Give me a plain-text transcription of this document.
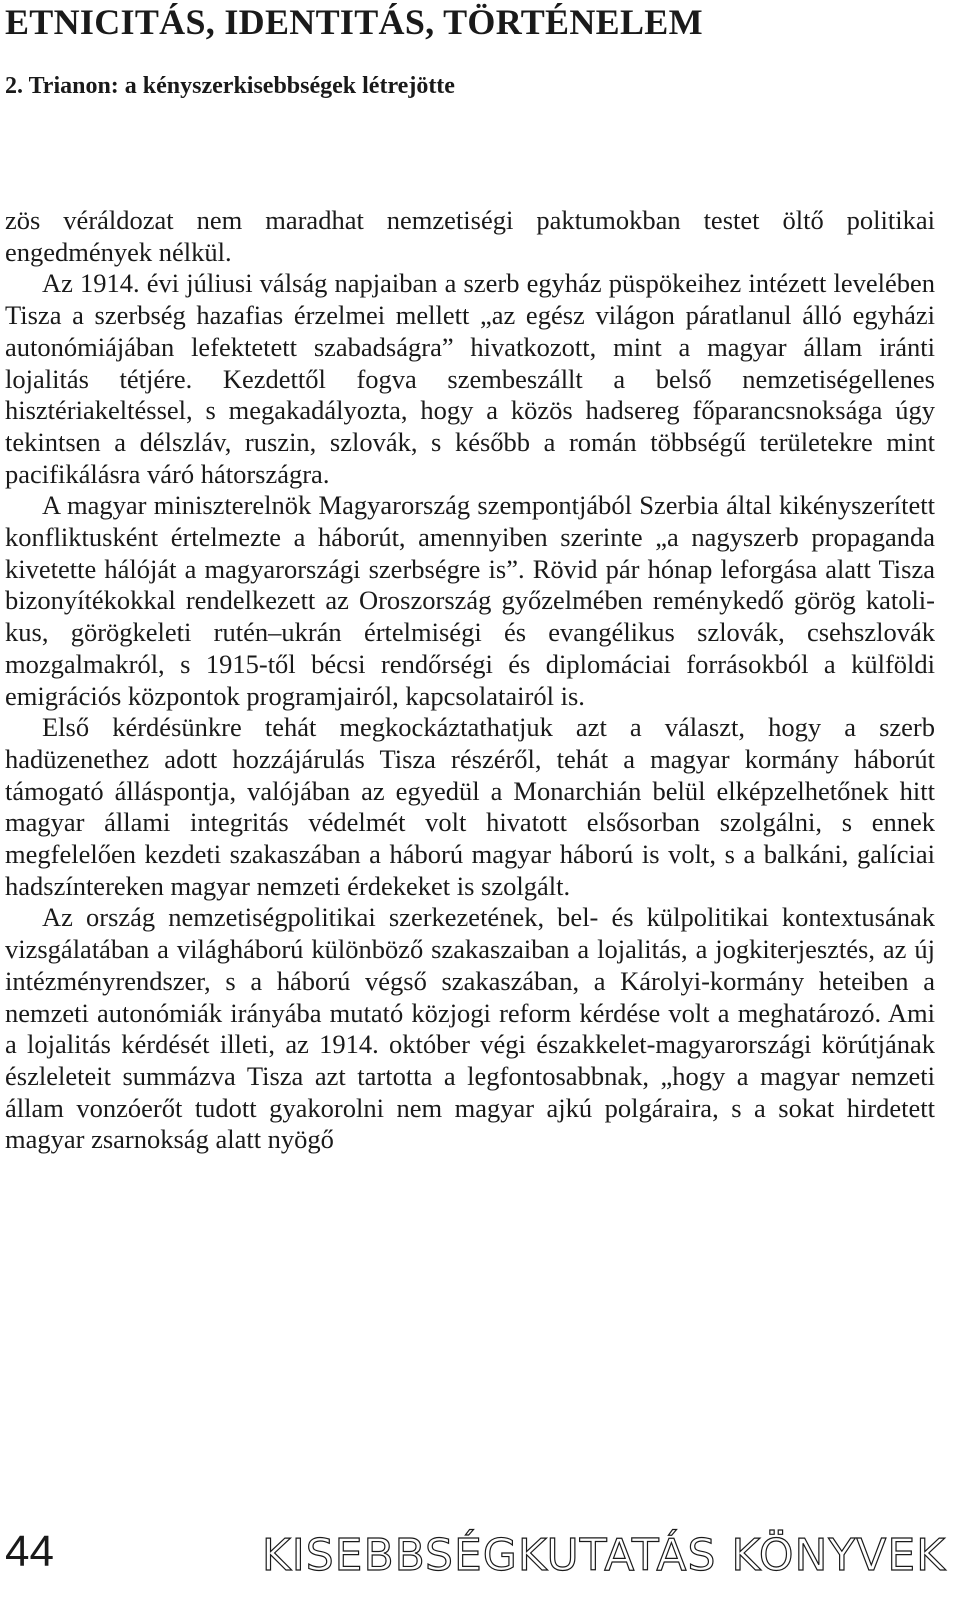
ETNICITÁS, IDENTITÁS, TÖRTÉNELEM
2. Trianon: a kényszerkisebbségek létrejötte

zös véráldozat nem maradhat nemzetiségi paktumokban testet öltő politikai engedmények nélkül.

Az 1914. évi júliusi válság napjaiban a szerb egyház püspökeihez intézett levelében Tisza a szerbség hazafias érzelmei mellett „az egész világon páratlanul álló egyházi autonómiájában lefektetett szabadságra” hivatkozott, mint a magyar állam iránti lojalitás tétjére. Kezdettől fogva szembeszállt a belső nemzetiségellenes hisztériakeltéssel, s megakadályozta, hogy a közös hadsereg főparancsnoksága úgy tekintsen a délszláv, ruszin, szlovák, s később a román többségű területekre mint pacifikálásra váró hátországra.

A magyar miniszterelnök Magyarország szempontjából Szerbia által kikényszerített konfliktusként értelmezte a háborút, amennyiben szerinte „a nagyszerb propaganda kivetette hálóját a magyarországi szerbségre is”. Rövid pár hónap leforgása alatt Tisza bizonyítékokkal rendelkezett az Oroszország győzelmében reménykedő görög katolikus, görögkeleti rutén–ukrán értelmiségi és evangélikus szlovák, csehszlovák mozgalmakról, s 1915-től bécsi rendőrségi és diplomáciai forrásokból a külföldi emigrációs központok programjairól, kapcsolatairól is.

Első kérdésünkre tehát megkockáztathatjuk azt a választ, hogy a szerb hadüzenethez adott hozzájárulás Tisza részéről, tehát a magyar kormány háborút támogató álláspontja, valójában az egyedül a Monarchián belül elképzelhetőnek hitt magyar állami integritás védelmét volt hivatott elsősorban szolgálni, s ennek megfelelően kezdeti szakaszában a háború magyar háború is volt, s a balkáni, galíciai hadszíntereken magyar nemzeti érdekeket is szolgált.

Az ország nemzetiségpolitikai szerkezetének, bel- és külpolitikai kontextusának vizsgálatában a világháború különböző szakaszaiban a lojalitás, a jogkiterjesztés, az új intézményrendszer, s a háború végső szakaszában, a Károlyi-kormány heteiben a nemzeti autonómiák irányába mutató közjogi reform kérdése volt a meghatározó. Ami a lojalitás kérdését illeti, az 1914. október végi északkelet-magyarországi körútjának észleleteit summázva Tisza azt tartotta a legfontosabbnak, „hogy a magyar nemzeti állam vonzóerőt tudott gyakorolni nem magyar ajkú polgáraira, s a sokat hirdetett magyar zsarnokság alatt nyögő

44	KISEBBSÉGKUTATÁS KÖNYVEK
